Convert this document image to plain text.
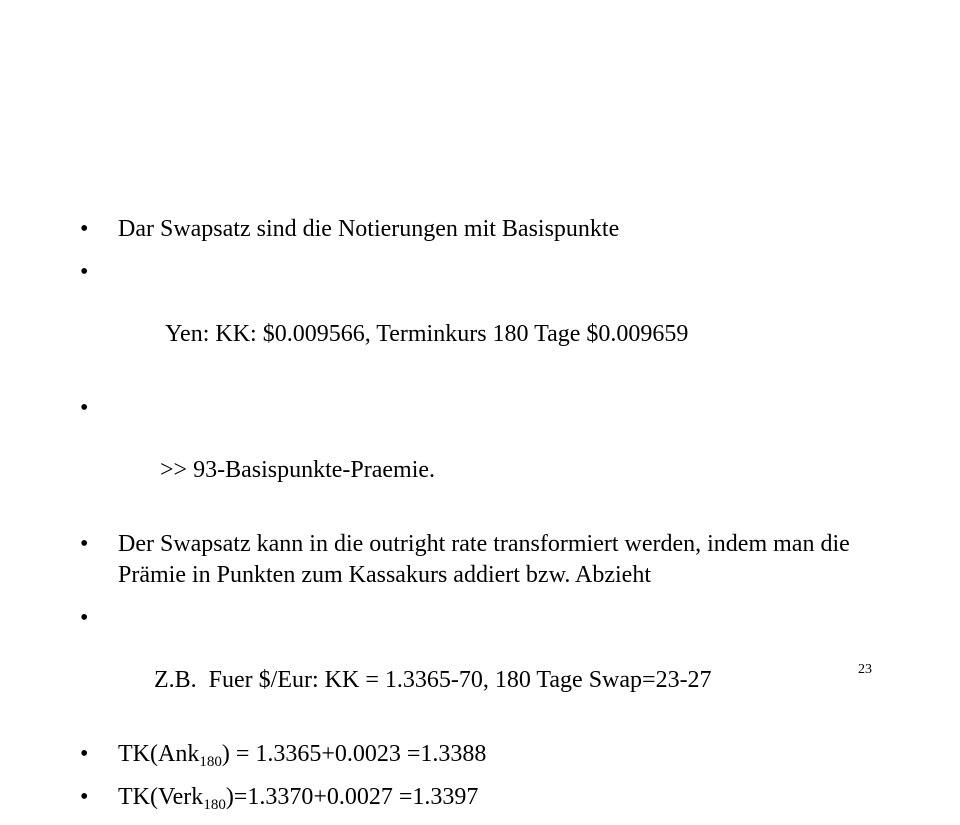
• Dar Swapsatz sind die Notierungen mit Basispunkte

•

Yen: KK: $0.009566, Terminkurs 180 Tage $0.009659

•

>> 93-Basispunkte-Praemie.

• Der Swapsatz kann in die outright rate transformiert werden, indem man die Prämie in Punkten zum Kassakurs addiert bzw. Abzieht

•

Z.B.  Fuer $/Eur: KK = 1.3365-70, 180 Tage Swap=23-27

• TK(Ank$_{180}$) = 1.3365+0.0023 =1.3388
• TK(Verk$_{180}$)=1.3370+0.0027 =1.3397
23
